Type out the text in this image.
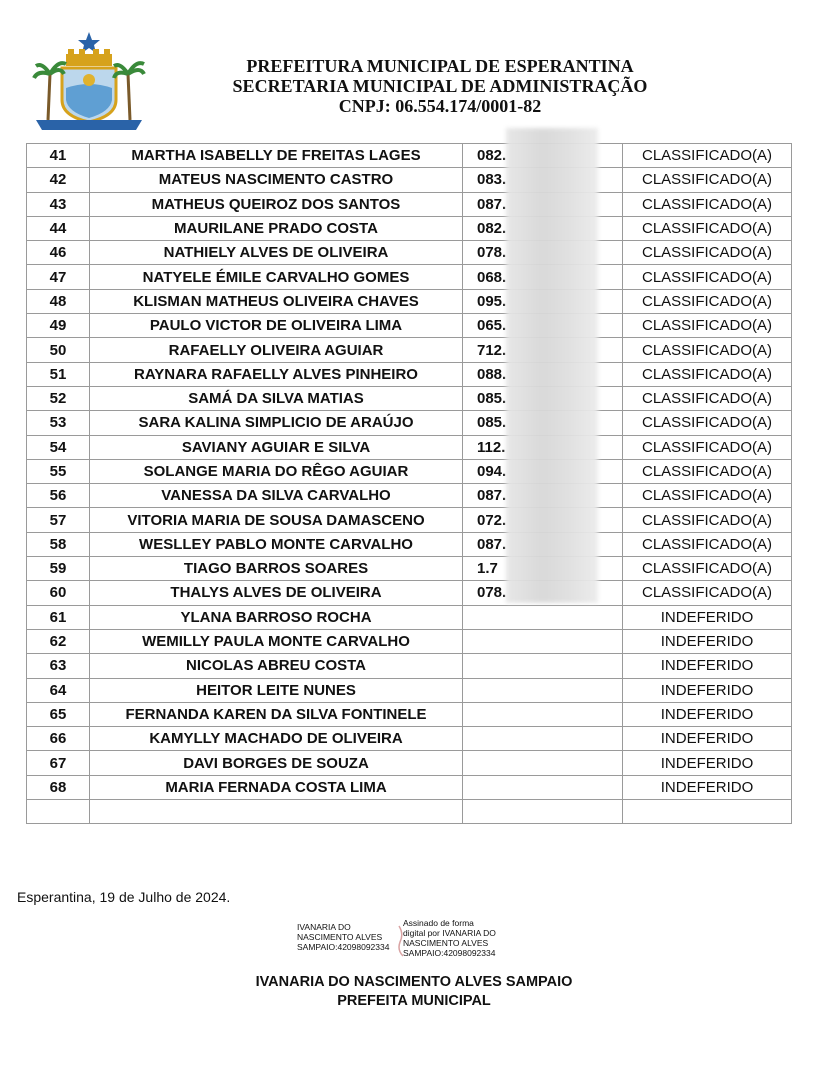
PREFEITURA MUNICIPAL DE ESPERANTINA
SECRETARIA MUNICIPAL DE ADMINISTRAÇÃO
CNPJ: 06.554.174/0001-82
41	MARTHA ISABELLY DE FREITAS LAGES	082.	CLASSIFICADO(A)
42	MATEUS NASCIMENTO CASTRO	083.	CLASSIFICADO(A)
43	MATHEUS QUEIROZ DOS SANTOS	087.	CLASSIFICADO(A)
44	MAURILANE PRADO COSTA	082.	CLASSIFICADO(A)
46	NATHIELY ALVES DE OLIVEIRA	078.	CLASSIFICADO(A)
47	NATYELE ÉMILE CARVALHO GOMES	068.	CLASSIFICADO(A)
48	KLISMAN MATHEUS OLIVEIRA CHAVES	095.	CLASSIFICADO(A)
49	PAULO VICTOR DE OLIVEIRA LIMA	065.	CLASSIFICADO(A)
50	RAFAELLY OLIVEIRA AGUIAR	712.	CLASSIFICADO(A)
51	RAYNARA RAFAELLY ALVES PINHEIRO	088.	CLASSIFICADO(A)
52	SAMÁ DA SILVA MATIAS	085.	CLASSIFICADO(A)
53	SARA KALINA SIMPLICIO DE ARAÚJO	085.	CLASSIFICADO(A)
54	SAVIANY AGUIAR E SILVA	112.	CLASSIFICADO(A)
55	SOLANGE MARIA DO RÊGO AGUIAR	094.	CLASSIFICADO(A)
56	VANESSA DA SILVA CARVALHO	087.	CLASSIFICADO(A)
57	VITORIA MARIA DE SOUSA DAMASCENO	072.	CLASSIFICADO(A)
58	WESLLEY PABLO MONTE CARVALHO	087.	CLASSIFICADO(A)
59	TIAGO BARROS SOARES	1.7	CLASSIFICADO(A)
60	THALYS ALVES DE OLIVEIRA	078.	CLASSIFICADO(A)
61	YLANA BARROSO ROCHA		INDEFERIDO
62	WEMILLY PAULA MONTE CARVALHO		INDEFERIDO
63	NICOLAS ABREU COSTA		INDEFERIDO
64	HEITOR LEITE NUNES		INDEFERIDO
65	FERNANDA KAREN DA SILVA FONTINELE		INDEFERIDO
66	KAMYLLY MACHADO DE OLIVEIRA		INDEFERIDO
67	DAVI BORGES DE SOUZA		INDEFERIDO
68	MARIA FERNADA COSTA LIMA		INDEFERIDO

Esperantina, 19 de Julho de 2024.
IVANARIA DO
NASCIMENTO ALVES
SAMPAIO:42098092334
Assinado de forma
digital por IVANARIA DO
NASCIMENTO ALVES
SAMPAIO:42098092334
IVANARIA DO NASCIMENTO ALVES SAMPAIO
PREFEITA MUNICIPAL
